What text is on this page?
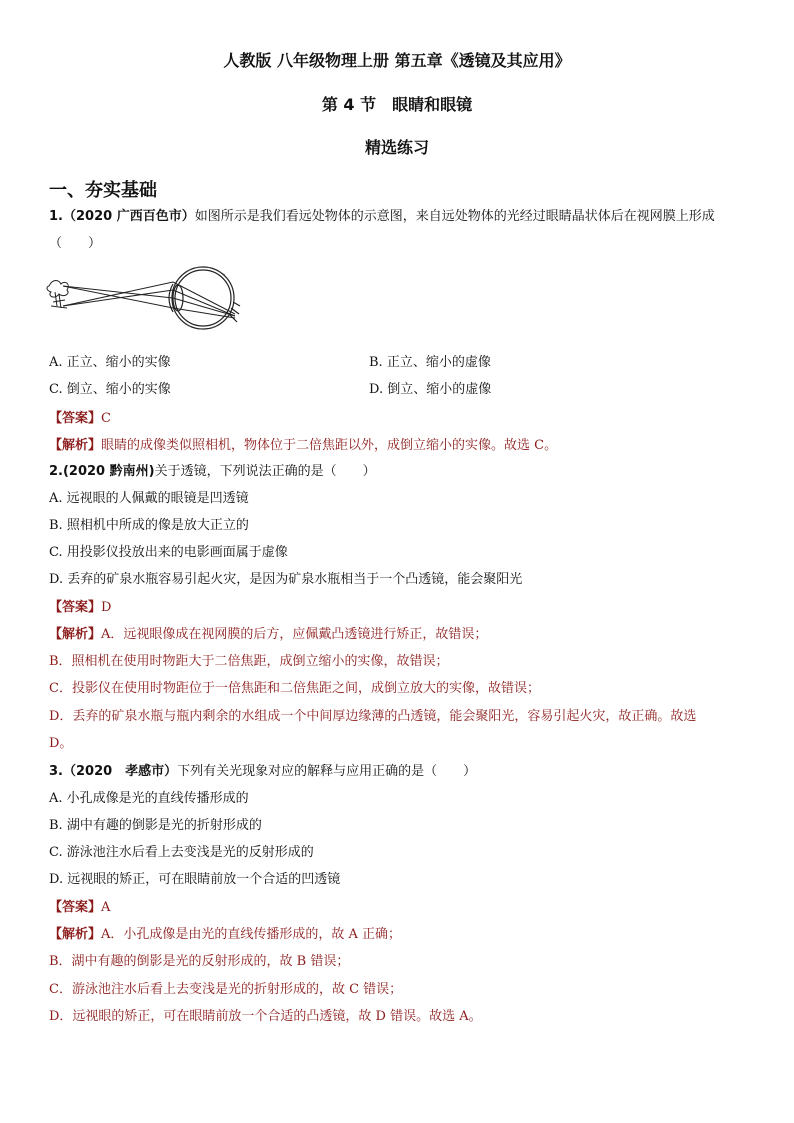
人教版 八年级物理上册 第五章《透镜及其应用》
第 4 节　眼睛和眼镜
精选练习
一、夯实基础
1.（2020 广西百色市）如图所示是我们看远处物体的示意图，来自远处物体的光经过眼睛晶状体后在视网膜上形成
（　　）
A. 正立、缩小的实像	B. 正立、缩小的虚像
C. 倒立、缩小的实像	D. 倒立、缩小的虚像
【答案】C
【解析】眼睛的成像类似照相机，物体位于二倍焦距以外，成倒立缩小的实像。故选 C。
2.(2020 黔南州)关于透镜，下列说法正确的是（　　）
A. 远视眼的人佩戴的眼镜是凹透镜
B. 照相机中所成的像是放大正立的
C. 用投影仪投放出来的电影画面属于虚像
D. 丢弃的矿泉水瓶容易引起火灾，是因为矿泉水瓶相当于一个凸透镜，能会聚阳光
【答案】D
【解析】A．远视眼像成在视网膜的后方，应佩戴凸透镜进行矫正，故错误；
B．照相机在使用时物距大于二倍焦距，成倒立缩小的实像，故错误；
C．投影仪在使用时物距位于一倍焦距和二倍焦距之间，成倒立放大的实像，故错误；
D．丢弃的矿泉水瓶与瓶内剩余的水组成一个中间厚边缘薄的凸透镜，能会聚阳光，容易引起火灾，故正确。故选
D。
3.（2020　孝感市）下列有关光现象对应的解释与应用正确的是（　　）
A. 小孔成像是光的直线传播形成的
B. 湖中有趣的倒影是光的折射形成的
C. 游泳池注水后看上去变浅是光的反射形成的
D. 远视眼的矫正，可在眼睛前放一个合适的凹透镜
【答案】A
【解析】A．小孔成像是由光的直线传播形成的，故 A 正确；
B．湖中有趣的倒影是光的反射形成的，故 B 错误；
C．游泳池注水后看上去变浅是光的折射形成的，故 C 错误；
D．远视眼的矫正，可在眼睛前放一个合适的凸透镜，故 D 错误。故选 A。
